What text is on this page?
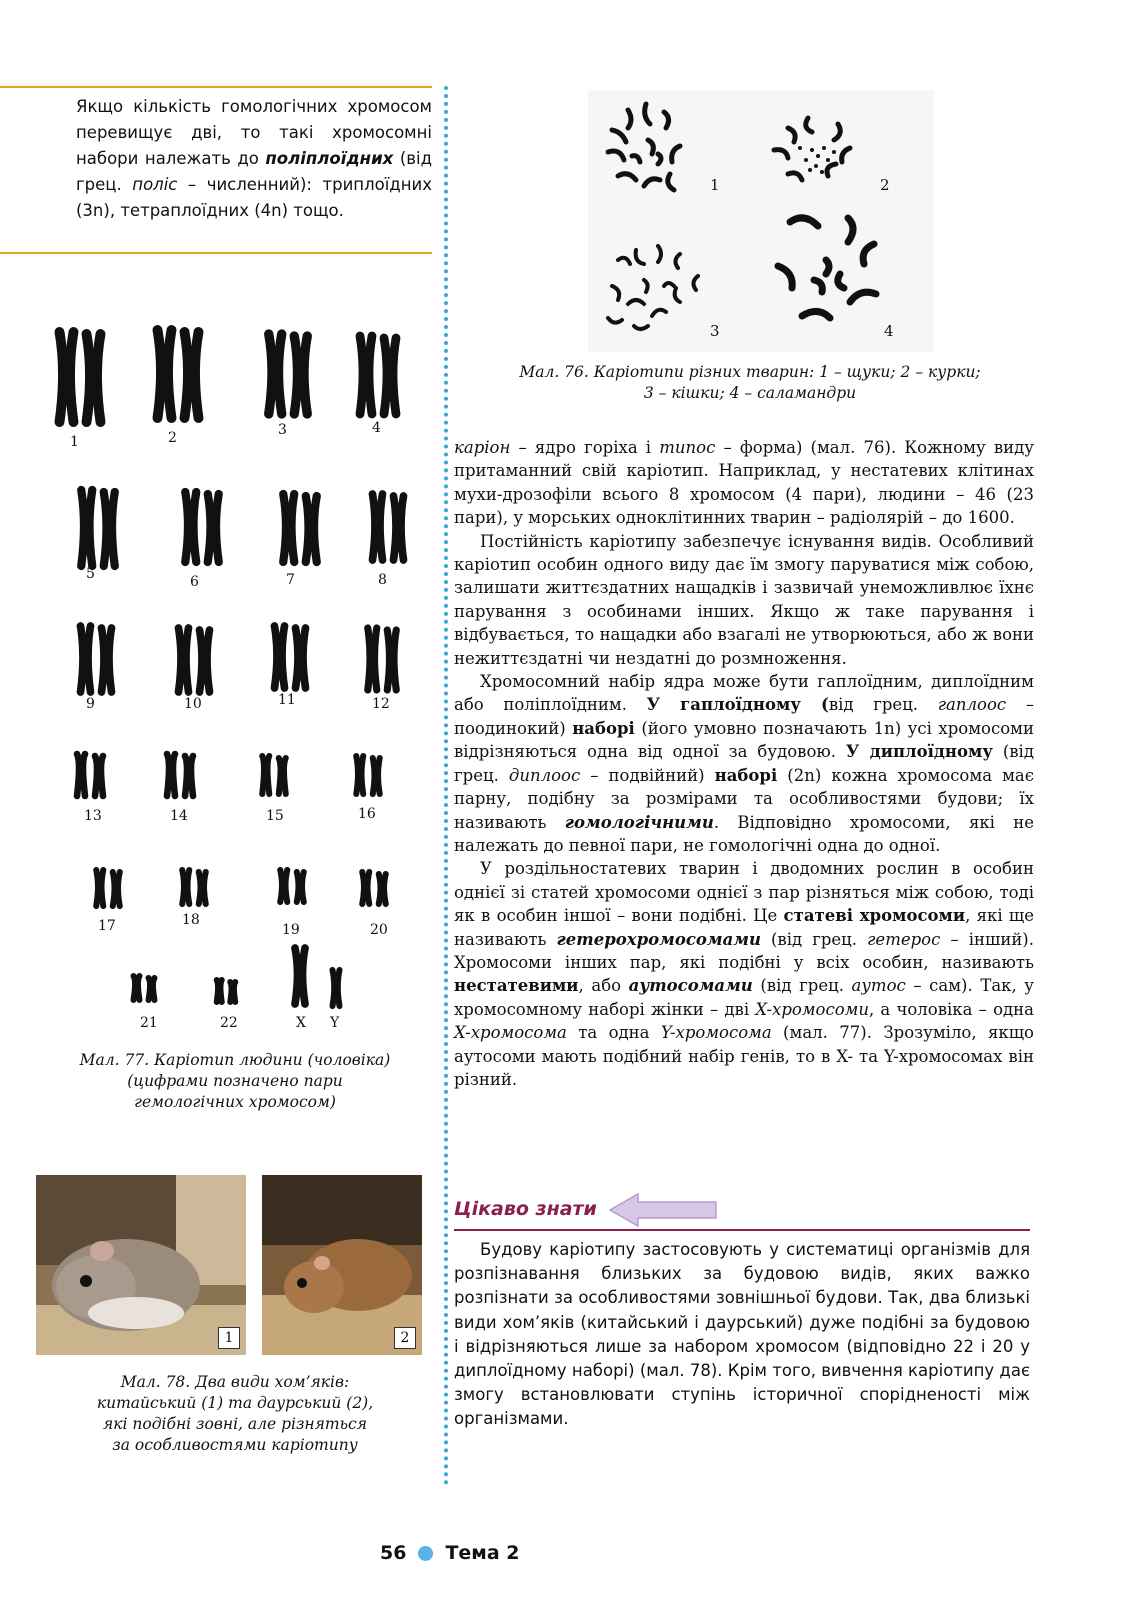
Якщо кількість гомологічних хромосом перевищує дві, то такі хромосомні набори належать до поліплоїдних (від грец. поліс – численний): триплоїдних (3n), тетраплоїдних (4n) тощо.
1	2
3	4
Мал. 76. Каріотипи різних тварин: 1 – щуки; 2 – курки;
3 – кішки; 4 – саламандри
1	2	3	4
5	6	7	8
9	10	11	12
13	14	15	16
17	18
19	20
21	22	X Y
Мал. 77. Каріотип людини (чоловіка)
(цифрами позначено пари
гемологічних хромосом)
1	2
Мал. 78. Два види хом’яків:
китайський (1) та даурський (2),
які подібні зовні, але різняться
за особливостями каріотипу

каріон – ядро горіха і типос – форма) (мал. 76). Кожному виду притаманний свій каріотип. Наприклад, у нестатевих клітинах мухи-дрозофіли всього 8 хромосом (4 пари), людини – 46 (23 пари), у морських одноклітинних тварин – радіолярій – до 1600.

Постійність каріотипу забезпечує існування видів. Особливий каріотип особин одного виду дає їм змогу паруватися між собою, залишати життєздатних нащадків і зазвичай унеможливлює їхнє парування з особинами інших. Якщо ж таке парування і відбувається, то нащадки або взагалі не утворюються, або ж вони нежиттєздатні чи нездатні до розмноження.

Хромосомний набір ядра може бути гаплоїдним, диплоїдним або поліплоїдним. У гаплоїдному (від грец. гаплоос – поодинокий) наборі (його умовно позначають 1n) усі хромосоми відрізняються одна від одної за будовою. У диплоїдному (від грец. диплоос – подвійний) наборі (2n) кожна хромосома має парну, подібну за розмірами та особливостями будови; їх називають гомологічними. Відповідно хромосоми, які не належать до певної пари, не гомологічні одна до одної.

У роздільностатевих тварин і дводомних рослин в особин однієї зі статей хромосоми однієї з пар різняться між собою, тоді як в особин іншої – вони подібні. Це статеві хромосоми, які ще називають гетерохромосомами (від грец. гетерос – інший). Хромосоми інших пар, які подібні у всіх особин, називають нестатевими, або аутосомами (від грец. аутос – сам). Так, у хромосомному наборі жінки – дві X-хромосоми, а чоловіка – одна X-хромосома та одна Y-хромосома (мал. 77). Зрозуміло, якщо аутосоми мають подібний набір генів, то в X- та Y-хромосомах він різний.

Цікаво знати
Будову каріотипу застосовують у систематиці організмів для розпізнавання близьких за будовою видів, яких важко розпізнати за особливостями зовнішньої будови. Так, два близькі види хом’яків (китайський і даурський) дуже подібні за будовою і відрізняються лише за набором хромосом (відповідно 22 і 20 у диплоїдному наборі) (мал. 78). Крім того, вивчення каріотипу дає змогу встановлювати ступінь історичної спорідненості між організмами.
56 Тема 2
